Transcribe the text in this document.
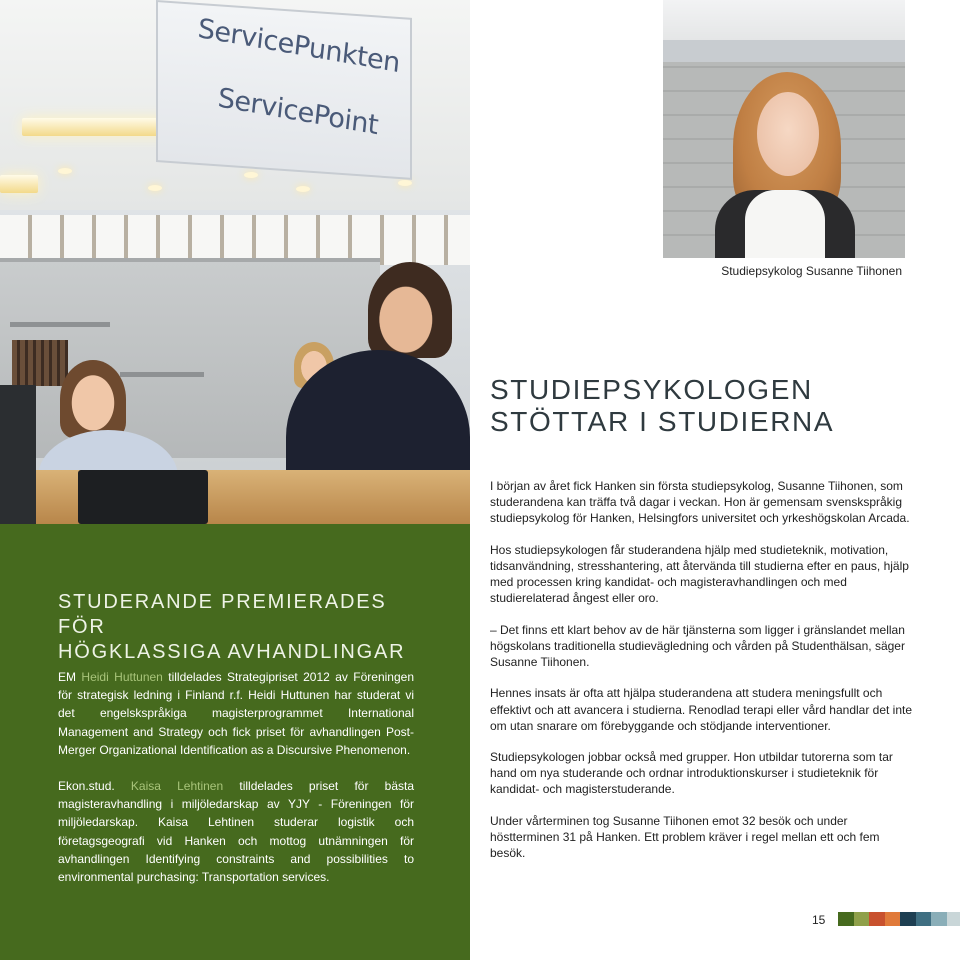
ServicePunkten
ServicePoint
Studiepsykolog Susanne Tiihonen
STUDERANDE PREMIERADES FÖR
HÖGKLASSIGA AVHANDLINGAR

EM Heidi Huttunen tilldelades Strategipriset 2012 av Föreningen för strategisk ledning i Finland r.f. Heidi Huttunen har studerat vi det engelskspråkiga magisterprogrammet International Management and Strategy och fick priset för avhandlingen Post-Merger Organizational Identification as a Discursive Phenomenon.

Ekon.stud. Kaisa Lehtinen tilldelades priset för bästa magisteravhandling i miljöledarskap av YJY - Föreningen för miljöledarskap. Kaisa Lehtinen studerar logistik och företagsgeografi vid Hanken och mottog utnämningen för avhandlingen Identifying constraints and possibilities to environmental purchasing: Transportation services.

STUDIEPSYKOLOGEN
STÖTTAR I STUDIERNA

I början av året fick Hanken sin första studiepsykolog, Susanne Tiihonen, som studerandena kan träffa två dagar i veckan. Hon är gemensam svenskspråkig studiepsykolog för Hanken, Helsingfors universitet och yrkeshögskolan Arcada.

Hos studiepsykologen får studerandena hjälp med studieteknik, motivation, tidsanvändning, stresshantering, att återvända till studierna efter en paus, hjälp med processen kring kandidat- och magisteravhandlingen och med studierelaterad ångest eller oro.

– Det finns ett klart behov av de här tjänsterna som ligger i gränslandet mellan högskolans traditionella studievägledning och vården på Studenthälsan, säger Susanne Tiihonen.

Hennes insats är ofta att hjälpa studerandena att studera meningsfullt och effektivt och att avancera i studierna. Renodlad terapi eller vård handlar det inte om utan snarare om förebyggande och stödjande interventioner.

Studiepsykologen jobbar också med grupper. Hon utbildar tutorerna som tar hand om nya studerande och ordnar introduktionskurser i studieteknik för kandidat- och magisterstuderande.

Under vårterminen tog Susanne Tiihonen emot 32 besök och under höstterminen 31 på Hanken. Ett problem kräver i regel mellan ett och fem besök.

15
